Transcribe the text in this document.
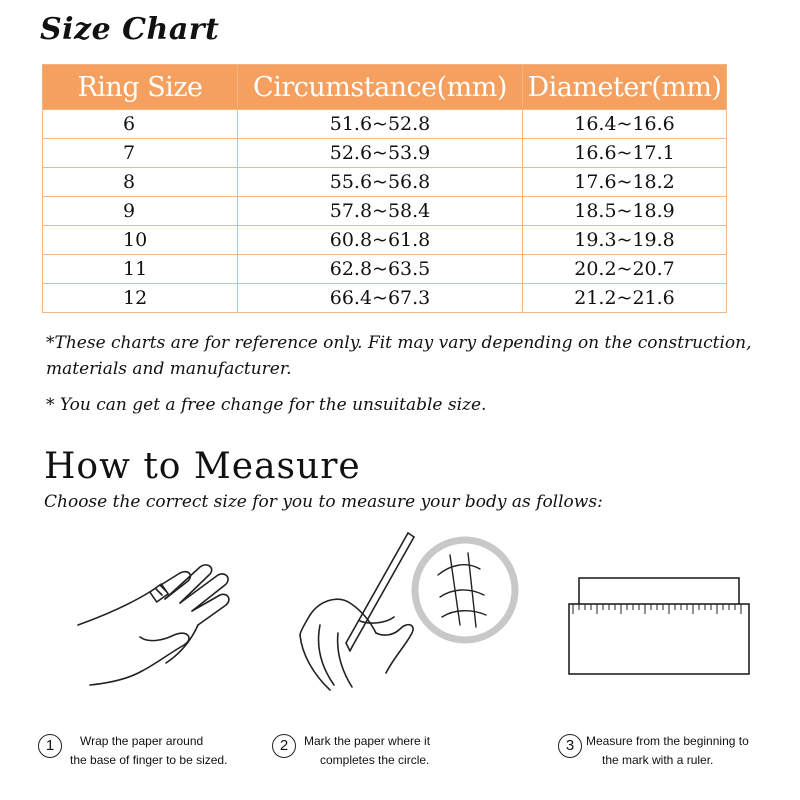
Size Chart
Ring Size	Circumstance(mm)	Diameter(mm)
6	51.6~52.8	16.4~16.6
7	52.6~53.9	16.6~17.1
8	55.6~56.8	17.6~18.2
9	57.8~58.4	18.5~18.9
10	60.8~61.8	19.3~19.8
11	62.8~63.5	20.2~20.7
12	66.4~67.3	21.2~21.6
*These charts are for reference only. Fit may vary depending on the construction, materials and manufacturer.
* You can get a free change for the unsuitable size.
How to Measure
Choose the correct size for you to measure your body as follows:
1	Wrap the paper around
the base of finger to be sized.
2	Mark the paper where it
completes the circle.
3 Measure from the beginning to
the mark with a ruler.
